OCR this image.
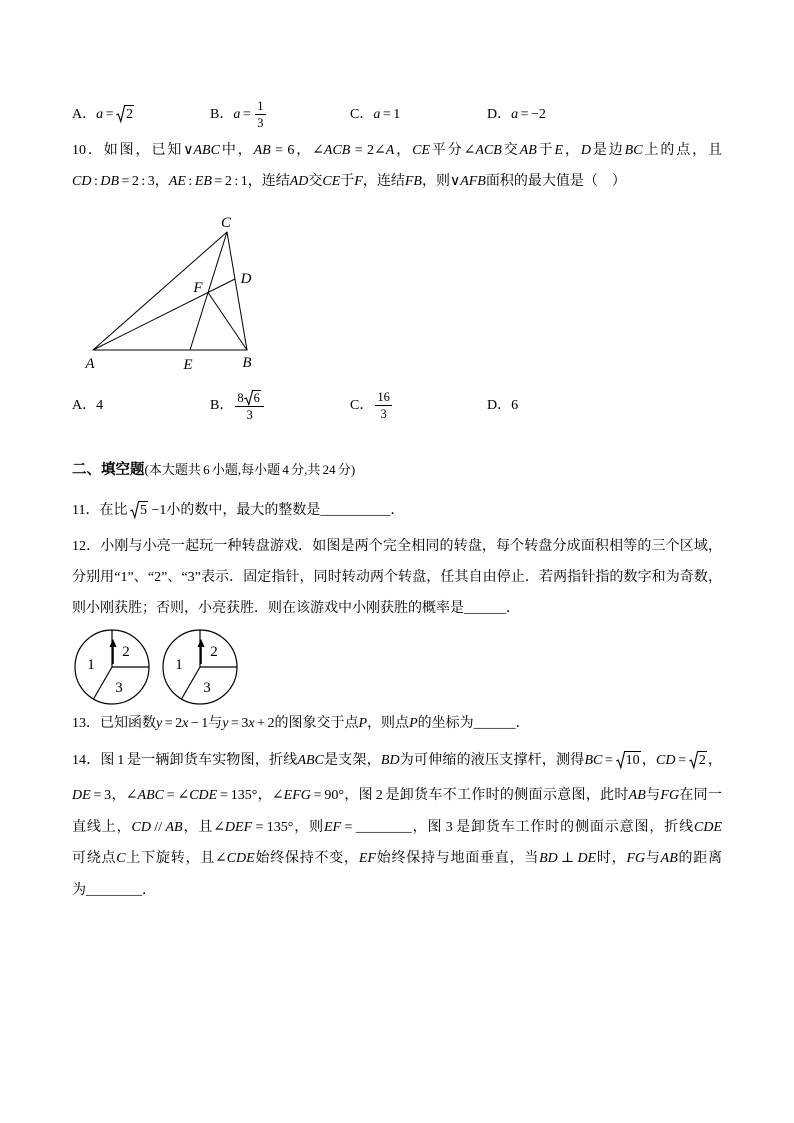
A．a =
2	B．$a = \frac{1}{3}$	C．a = 1	D．a = −2
10．如图，已知∨ABC中，AB = 6，∠ACB = 2∠A，CE平分∠ACB交AB于E，D是边BC上的点，且
CD : DB = 2 : 3，AE : EB = 2 : 1，连结AD交CE于F，连结FB，则∨AFB面积的最大值是（　）
C
D
F
A	E	B
A．4	B． $\frac{8 6}{3}$	C． $\frac{16}{3}$	D．6
二、填空题(本大题共 6 小题,每小题 4 分,共 24 分)
11．在比
5 −1小的数中，最大的整数是__________．
12．小刚与小亮一起玩一种转盘游戏．如图是两个完全相同的转盘，每个转盘分成面积相等的三个区域，
分别用“1”、“2”、“3”表示．固定指针，同时转动两个转盘，任其自由停止．若两指针指的数字和为奇数，
则小刚获胜；否则，小亮获胜．则在该游戏中小刚获胜的概率是______．
1
2
3
1
2
3
13．已知函数y = 2x − 1与y = 3x + 2的图象交于点P，则点P的坐标为______．
14．图 1 是一辆卸货车实物图，折线ABC是支架，BD为可伸缩的液压支撑杆，测得BC =
10 ，CD =
2 ，
DE = 3，∠ABC = ∠CDE = 135°，∠EFG = 90°，图 2 是卸货车不工作时的侧面示意图，此时AB与FG在同一
直线上，CD // AB，且∠DEF = 135°，则EF = ________，图 3 是卸货车工作时的侧面示意图，折线CDE
可绕点C上下旋转，且∠CDE始终保持不变，EF始终保持与地面垂直，当BD ⊥ DE时，FG与AB的距离
为________．
